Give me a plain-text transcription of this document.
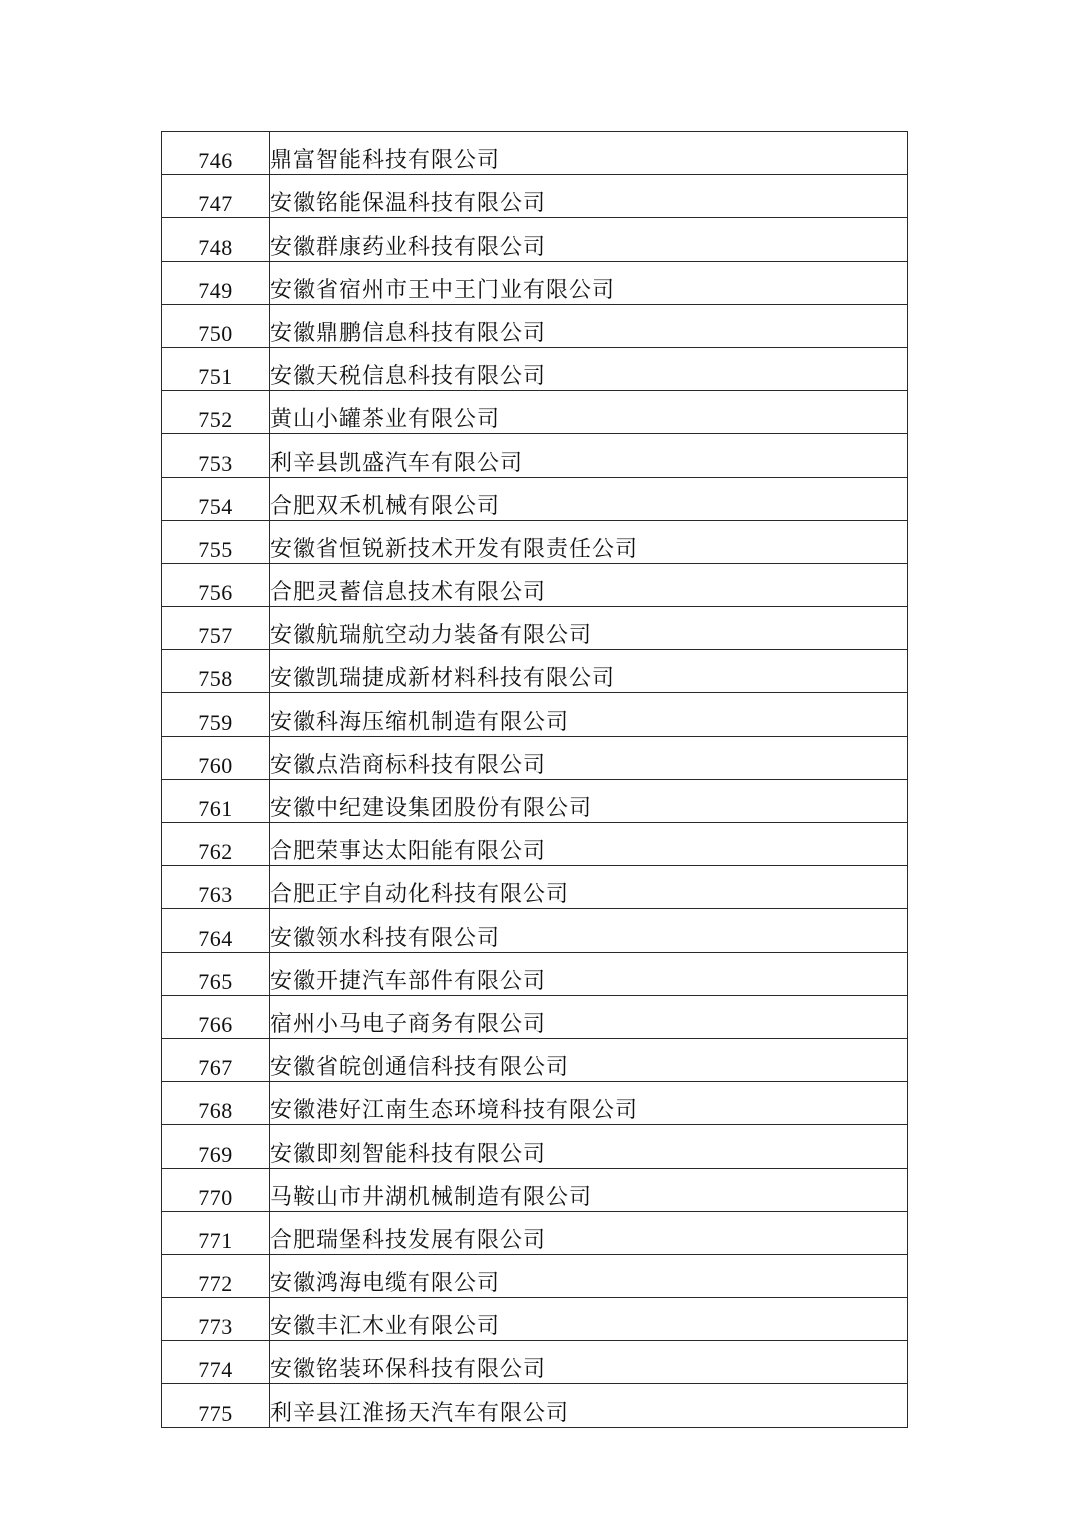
746	鼎富智能科技有限公司
747	安徽铭能保温科技有限公司
748	安徽群康药业科技有限公司
749	安徽省宿州市王中王门业有限公司
750	安徽鼎鹏信息科技有限公司
751	安徽天税信息科技有限公司
752	黄山小罐茶业有限公司
753	利辛县凯盛汽车有限公司
754	合肥双禾机械有限公司
755	安徽省恒锐新技术开发有限责任公司
756	合肥灵蓄信息技术有限公司
757	安徽航瑞航空动力装备有限公司
758	安徽凯瑞捷成新材料科技有限公司
759	安徽科海压缩机制造有限公司
760	安徽点浩商标科技有限公司
761	安徽中纪建设集团股份有限公司
762	合肥荣事达太阳能有限公司
763	合肥正宇自动化科技有限公司
764	安徽领水科技有限公司
765	安徽开捷汽车部件有限公司
766	宿州小马电子商务有限公司
767	安徽省皖创通信科技有限公司
768	安徽港好江南生态环境科技有限公司
769	安徽即刻智能科技有限公司
770	马鞍山市井湖机械制造有限公司
771	合肥瑞堡科技发展有限公司
772	安徽鸿海电缆有限公司
773	安徽丰汇木业有限公司
774	安徽铭装环保科技有限公司
775	利辛县江淮扬天汽车有限公司
